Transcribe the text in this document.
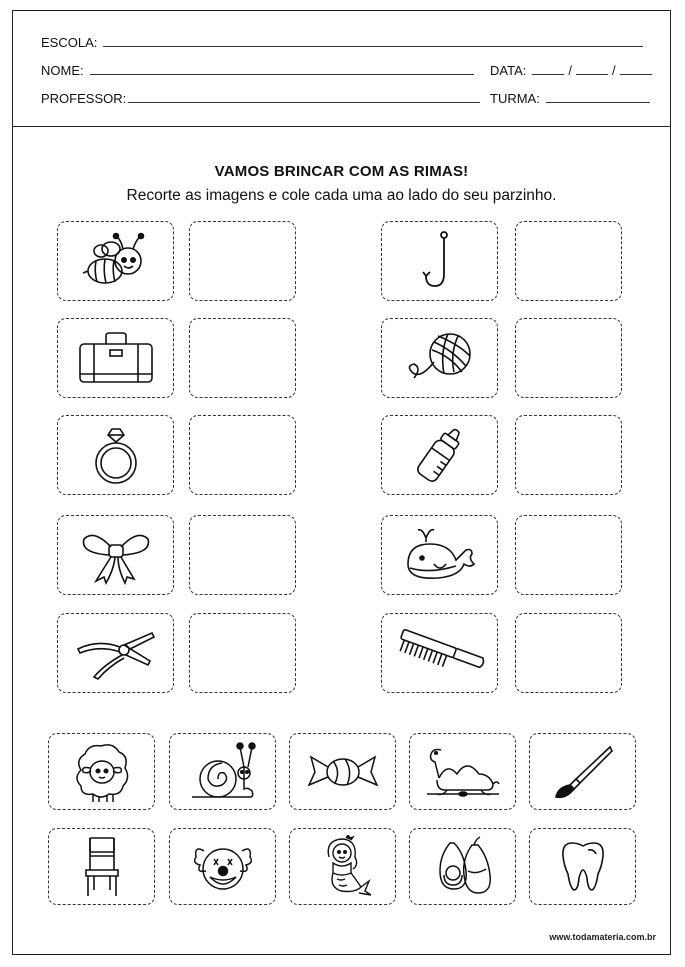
ESCOLA:
NOME:	DATA:	/	/
PROFESSOR:	TURMA:
VAMOS BRINCAR COM AS RIMAS!
Recorte as imagens e cole cada uma ao lado do seu parzinho.
www.todamateria.com.br
